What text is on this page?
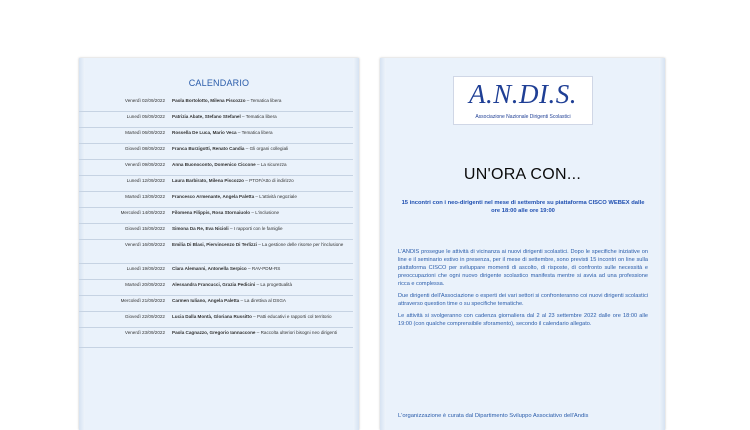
CALENDARIO
Venerdì 02/09/2022	Paola Bortolotto, Milena Piscozzo – Tematica libera
Lunedì 05/09/2022	Patrizia Abate, Stefano Stefanel – Tematica libera
Martedì 06/09/2022	Rossella De Luca, Mario Veca – Tematica libera
Giovedì 08/09/2022	Franca Burzigotti, Renato Candia – Gli organi collegiali
Venerdì 09/09/2022	Anna Buonoconto, Domenico Ciccone – La sicurezza
Lunedì 12/09/2022	Laura Barbirato, Milena Piscozzo – PTOF/Atto di indirizzo
Martedì 13/09/2022	Francesco Armenante, Angela Paletta – L'attività negoziale
Mercoledì 14/09/2022	Filomena Filippis, Rosa Stornaiuolo – L'inclusione
Giovedì 15/09/2022	Simona Da Re, Eva Nicioli – I rapporti con le famiglie
Venerdì 16/09/2022	Emilia Di Blasi, Piervincenzo Di Terlizzi – La gestione delle risorse per l'inclusione
Lunedì 19/09/2022	Clara Alemanni, Antonella Serpico – RAV-PDM-RS
Martedì 20/09/2022	Alessandra Francucci, Grazia Pedicini – La progettualità
Mercoledì 21/09/2022	Carmen Iuliano, Angela Paletta – La direttiva al DSGA
Giovedì 22/09/2022	Lucia Dalla Montà, Gloriana Russitto – Patti educativi e rapporti col territorio
Venerdì 23/09/2022	Paola Cagnazzo, Gregorio Iannaccone – Raccolta ulteriori bisogni neo dirigenti
A.N.DI.S.
Associazione Nazionale Dirigenti Scolastici
UN'ORA CON...
15 incontri con i neo-dirigenti nel mese di settembre su piattaforma CISCO WEBEX dalle ore 18:00 alle ore 19:00

L'ANDIS prosegue le attività di vicinanza ai nuovi dirigenti scolastici. Dopo le specifiche iniziative on line e il seminario estivo in presenza, per il mese di settembre, sono previsti 15 incontri on line sulla piattaforma CISCO per sviluppare momenti di ascolto, di risposte, di confronto sulle necessità e preoccupazioni che ogni nuovo dirigente scolastico manifesta mentre si avvia ad una professione ricca e complessa.

Due dirigenti dell'Associazione o esperti dei vari settori si confronteranno coi nuovi dirigenti scolastici attraverso question time o su specifiche tematiche.

Le attività si svolgeranno con cadenza giornaliera dal 2 al 23 settembre 2022 dalle ore 18:00 alle 19:00 (con qualche comprensibile sforamento), secondo il calendario allegato.

L'organizzazione è curata dal Dipartimento Sviluppo Associativo dell'Andis
